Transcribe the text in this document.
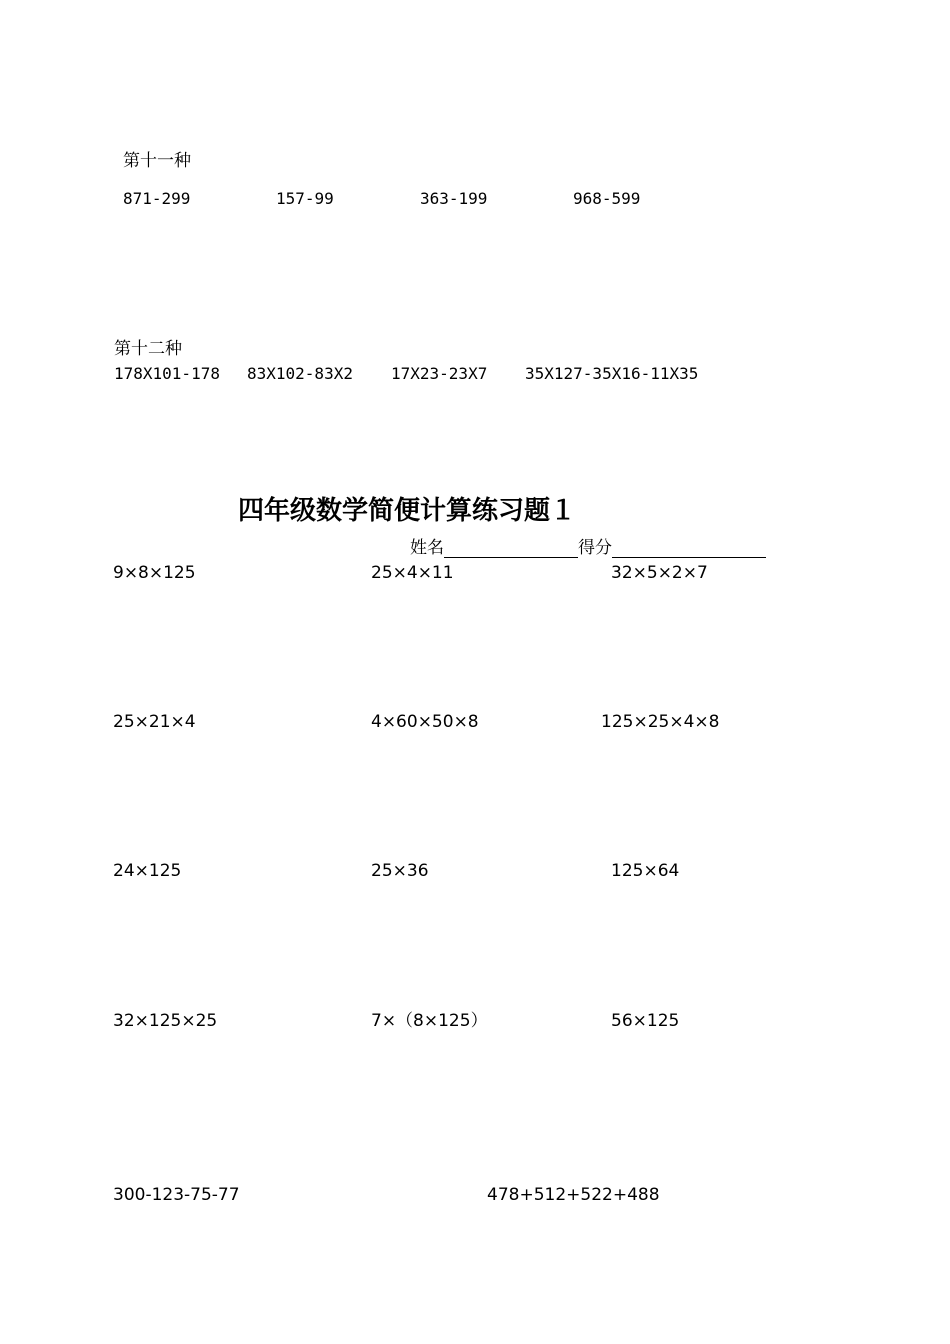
第十一种
871-299	157-99	363-199	968-599
第十二种
178X101-178 83X102-83X2 17X23-23X7 35X127-35X16-11X35
四年级数学简便计算练习题１
姓名	得分
9×8×125	25×4×11	32×5×2×7
25×21×4	4×60×50×8	125×25×4×8
24×125	25×36	125×64
32×125×25	7×（8×125）	56×125
300-123-75-77	478+512+522+488
